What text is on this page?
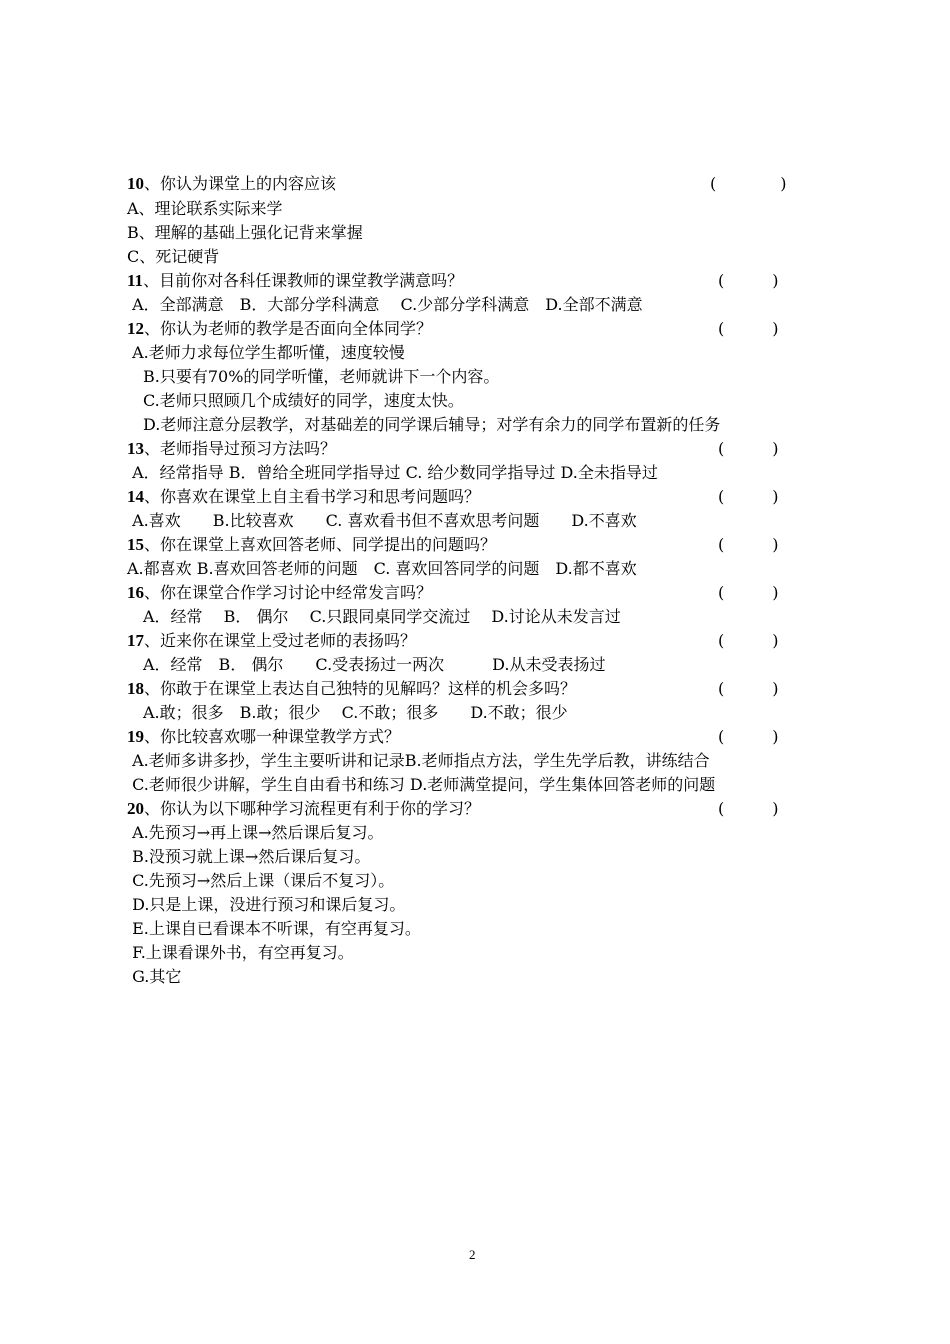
10、你认为课堂上的内容应该	(　　　　)
A、理论联系实际来学
B、理解的基础上强化记背来掌握
C、死记硬背
11、目前你对各科任课教师的课堂教学满意吗？	(　　　)
A．全部满意　B．大部分学科满意　 C.少部分学科满意　D.全部不满意
12、你认为老师的教学是否面向全体同学？	(　　　)
A.老师力求每位学生都听懂，速度较慢
　B.只要有70%的同学听懂，老师就讲下一个内容。
　C.老师只照顾几个成绩好的同学，速度太快。
　D.老师注意分层教学，对基础差的同学课后辅导；对学有余力的同学布置新的任务
13、老师指导过预习方法吗？	(　　　)
A．经常指导 B．曾给全班同学指导过 C. 给少数同学指导过 D.全未指导过
14、你喜欢在课堂上自主看书学习和思考问题吗？	(　　　)
A.喜欢　　B.比较喜欢　　C. 喜欢看书但不喜欢思考问题　　D.不喜欢
15、你在课堂上喜欢回答老师、同学提出的问题吗？	(　　　)
A.都喜欢 B.喜欢回答老师的问题　C. 喜欢回答同学的问题　D.都不喜欢
16、你在课堂合作学习讨论中经常发言吗？	(　　　)
　A．经常　 B． 偶尔　 C.只跟同桌同学交流过　 D.讨论从未发言过
17、近来你在课堂上受过老师的表扬吗？	(　　　)
　A．经常　B． 偶尔　　C.受表扬过一两次　　　D.从未受表扬过
18、你敢于在课堂上表达自己独特的见解吗？这样的机会多吗？	(　　　)
　A.敢；很多　B.敢；很少　 C.不敢；很多　　D.不敢；很少
19、你比较喜欢哪一种课堂教学方式？	(　　　)
A.老师多讲多抄，学生主要听讲和记录B.老师指点方法，学生先学后教，讲练结合
C.老师很少讲解，学生自由看书和练习 D.老师满堂提问，学生集体回答老师的问题
20、你认为以下哪种学习流程更有利于你的学习？	(　　　)
A.先预习→再上课→然后课后复习。
B.没预习就上课→然后课后复习。
C.先预习→然后上课（课后不复习）。
D.只是上课，没进行预习和课后复习。
E.上课自已看课本不听课，有空再复习。
F.上课看课外书，有空再复习。
G.其它
2
